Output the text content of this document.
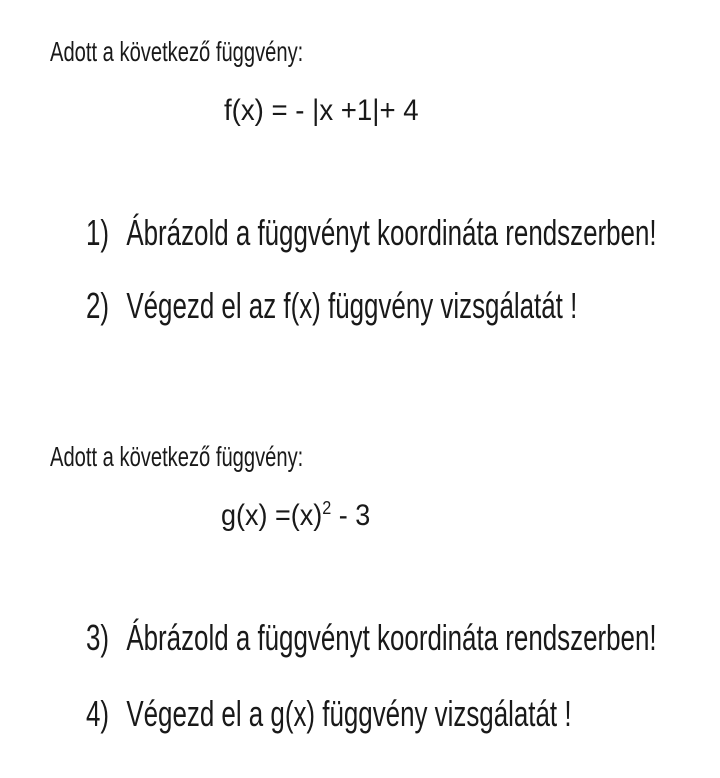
Adott a következő függvény:
f(x) = - |x +1|+ 4
1) Ábrázold a függvényt koordináta rendszerben!
2) Végezd el az f(x) függvény vizsgálatát !
Adott a következő függvény:
$g(x) =(x)^2 - 3$
3) Ábrázold a függvényt koordináta rendszerben!
4) Végezd el a g(x) függvény vizsgálatát !
